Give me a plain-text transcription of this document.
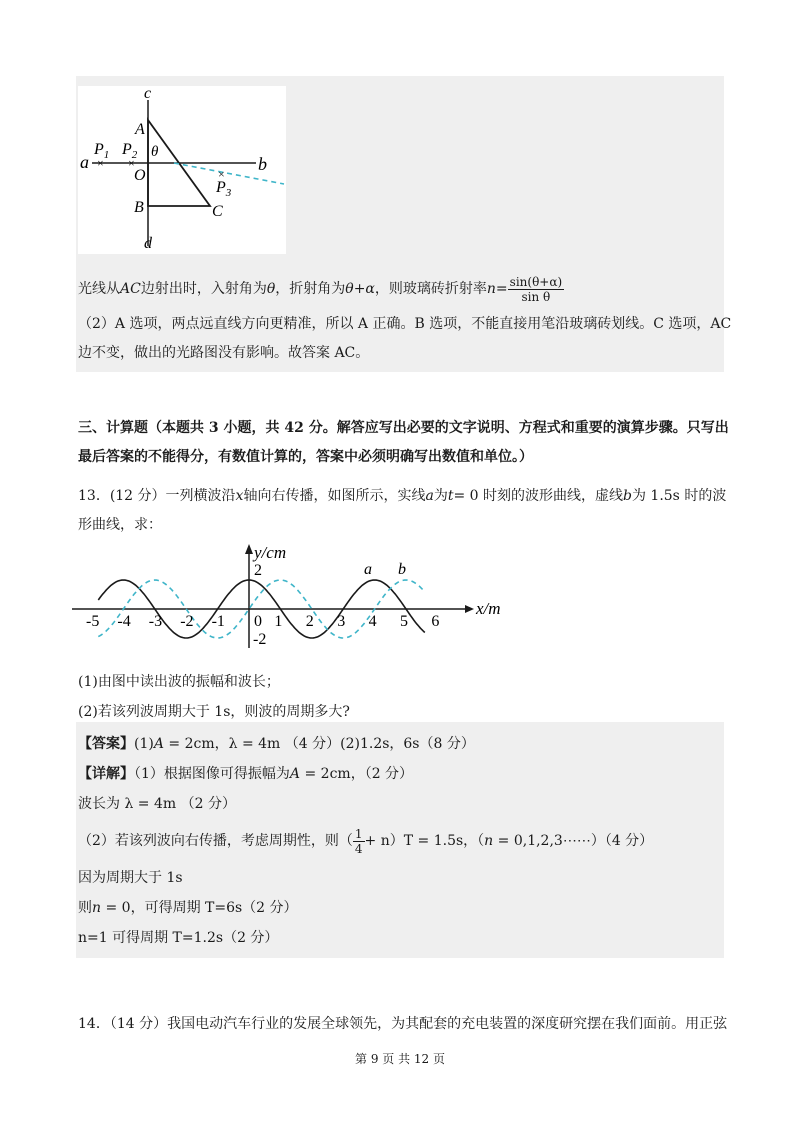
× ×
×
c
d
a	b
A
B	C
O
θ
$P_1$ $P_2$
$P_3$
光线从AC边射出时，入射角为θ，折射角为θ+α，则玻璃砖折射率$n= \frac{\sin(\theta+\alpha)}{\text{sin θ}}$
（2）A 选项，两点远直线方向更精准，所以 A 正确。B 选项，不能直接用笔沿玻璃砖划线。C 选项，AC
边不变，做出的光路图没有影响。故答案 AC。
三、计算题（本题共 3 小题，共 42 分。解答应写出必要的文字说明、方程式和重要的演算步骤。只写出
最后答案的不能得分，有数值计算的，答案中必须明确写出数值和单位。）
13．(12 分）一列横波沿x轴向右传播，如图所示，实线a为t= 0 时刻的波形曲线，虚线b为 1.5s 时的波
形曲线，求：
-5 -4 -3 -2 -1 0 1 2 3 4 5 6
y/cm
x/m
2
-2
a b
(1)由图中读出波的振幅和波长；
(2)若该列波周期大于 1s，则波的周期多大?
【答案】(1)A = 2cm，λ = 4m （4 分）(2)1.2s，6s（8 分）
【详解】（1）根据图像可得振幅为A = 2cm，（2 分）
波长为 λ = 4m （2 分）
（2）若该列波向右传播，考虑周期性，则（ $\frac{1}{4} + n)T = 1.5s$，（n = 0,1,2,3⋯⋯）（4 分）
因为周期大于 1s
则n = 0，可得周期 T=6s（2 分）
n=1 可得周期 T=1.2s（2 分）
14．（14 分）我国电动汽车行业的发展全球领先，为其配套的充电装置的深度研究摆在我们面前。用正弦
第 9 页 共 12 页
